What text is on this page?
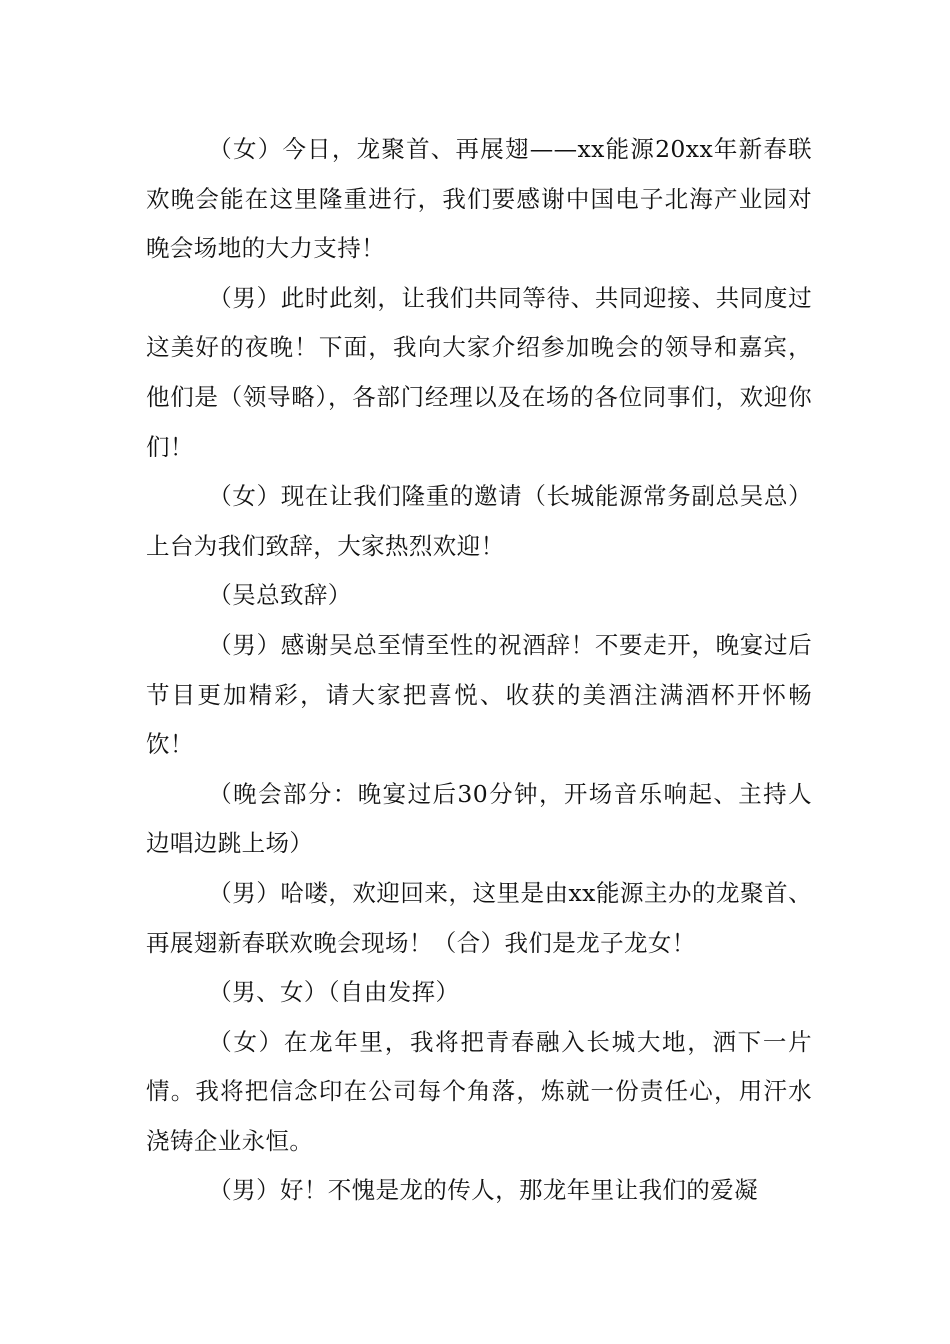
（女）今日，龙聚首、再展翅——xx能源20xx年新春联欢晚会能在这里隆重进行，我们要感谢中国电子北海产业园对晚会场地的大力支持！

（男）此时此刻，让我们共同等待、共同迎接、共同度过这美好的夜晚！下面，我向大家介绍参加晚会的领导和嘉宾，他们是（领导略），各部门经理以及在场的各位同事们，欢迎你们！

（女）现在让我们隆重的邀请（长城能源常务副总吴总）上台为我们致辞，大家热烈欢迎！

（吴总致辞）

（男）感谢吴总至情至性的祝酒辞！不要走开，晚宴过后节目更加精彩，请大家把喜悦、收获的美酒注满酒杯开怀畅饮！

（晚会部分：晚宴过后30分钟，开场音乐响起、主持人边唱边跳上场）

（男）哈喽，欢迎回来，这里是由xx能源主办的龙聚首、再展翅新春联欢晚会现场！（合）我们是龙子龙女！

（男、女）（自由发挥）

（女）在龙年里，我将把青春融入长城大地，洒下一片情。我将把信念印在公司每个角落，炼就一份责任心，用汗水浇铸企业永恒。

（男）好！不愧是龙的传人，那龙年里让我们的爱凝
